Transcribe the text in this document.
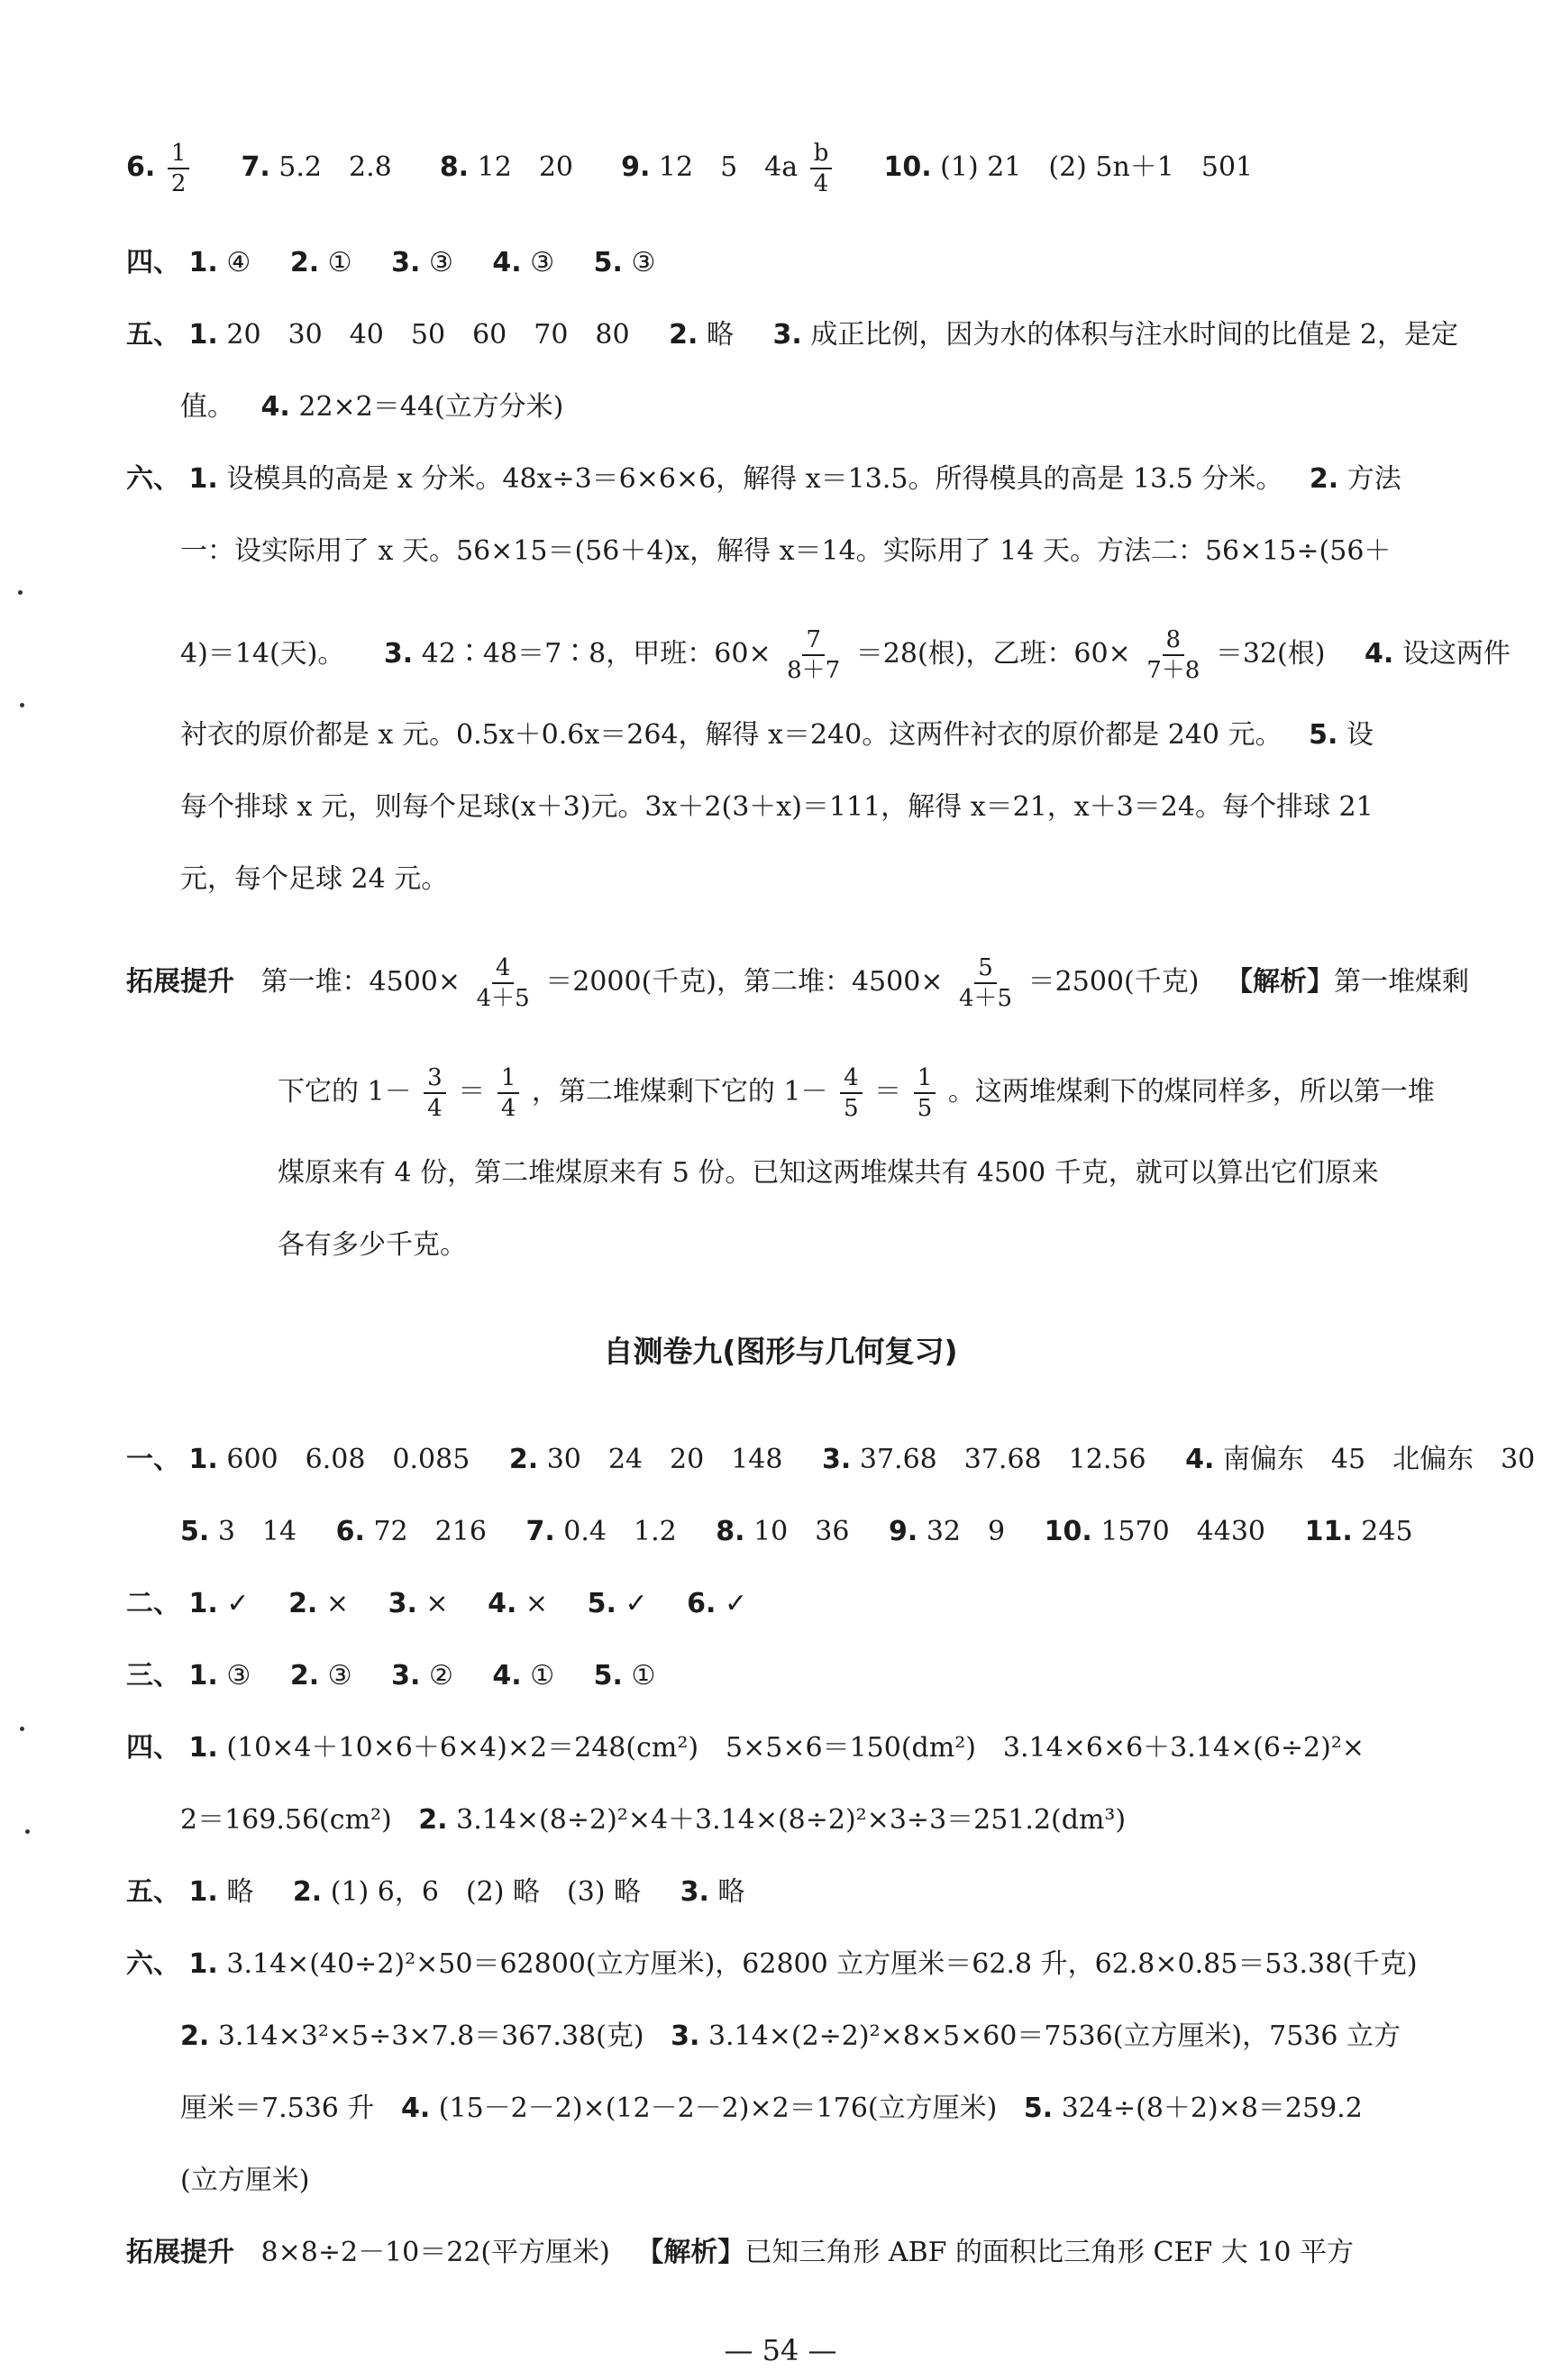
6. $\frac{1}{2} 7$. 5.2　2.8 8. 12　20 9. 12　5　$4a \frac{b}{4} 10$. (1) 21　(2) 5n＋1　501
四、 1. ④ 2. ① 3. ③ 4. ③ 5. ③
五、 1. 20　30　40　50　60　70　80 2. 略 3. 成正比例，因为水的体积与注水时间的比值是 2，是定
值。 4. 22×2＝44(立方分米)
六、 1. 设模具的高是 x 分米。48x÷3＝6×6×6，解得 x＝13.5。所得模具的高是 13.5 分米。 2. 方法
一：设实际用了 x 天。56×15＝(56＋4)x，解得 x＝14。实际用了 14 天。方法二：56×15÷(56＋
4)＝14(天)。 3. 42∶48＝7∶8，甲班：$60\times \frac{7}{8+7} =28$(根)，乙班：$60\times \frac{8}{7+8} =32$(根) 4. 设这两件
衬衣的原价都是 x 元。0.5x＋0.6x＝264，解得 x＝240。这两件衬衣的原价都是 240 元。 5. 设
每个排球 x 元，则每个足球(x＋3)元。3x＋2(3＋x)＝111，解得 x＝21，x＋3＝24。每个排球 21
元，每个足球 24 元。
拓展提升 第一堆：$4500\times \frac{4}{4+5} =2000$(千克)，第二堆：$4500\times \frac{5}{4+5} =2500$(千克) 【解析】第一堆煤剩
下它的 $1- \frac{3}{4} = \frac{1}{4}$ ，第二堆煤剩下它的 $1- \frac{4}{5} = \frac{1}{5}$ 。这两堆煤剩下的煤同样多，所以第一堆
煤原来有 4 份，第二堆煤原来有 5 份。已知这两堆煤共有 4500 千克，就可以算出它们原来
各有多少千克。
自测卷九(图形与几何复习)
一、 1. 600　6.08　0.085 2. 30　24　20　148 3. 37.68　37.68　12.56 4. 南偏东　45　北偏东　30
5. 3　14 6. 72　216 7. 0.4　1.2 8. 10　36 9. 32　9 10. 1570　4430 11. 245
二、 1. ✓ 2. × 3. × 4. × 5. ✓ 6. ✓
三、 1. ③ 2. ③ 3. ② 4. ① 5. ①
四、 1. (10×4＋10×6＋6×4)×2＝248(cm²)　5×5×6＝150(dm²)　3.14×6×6＋3.14×(6÷2)²×
2＝169.56(cm²) 2. 3.14×(8÷2)²×4＋3.14×(8÷2)²×3÷3＝251.2(dm³)
五、 1. 略 2. (1) 6，6　(2) 略　(3) 略 3. 略
六、 1. 3.14×(40÷2)²×50＝62800(立方厘米)，62800 立方厘米＝62.8 升，62.8×0.85＝53.38(千克)
2. 3.14×3²×5÷3×7.8＝367.38(克) 3. 3.14×(2÷2)²×8×5×60＝7536(立方厘米)，7536 立方
厘米＝7.536 升 4. (15－2－2)×(12－2－2)×2＝176(立方厘米) 5. 324÷(8＋2)×8＝259.2
(立方厘米)
拓展提升 8×8÷2－10＝22(平方厘米) 【解析】已知三角形 ABF 的面积比三角形 CEF 大 10 平方
— 54 —
